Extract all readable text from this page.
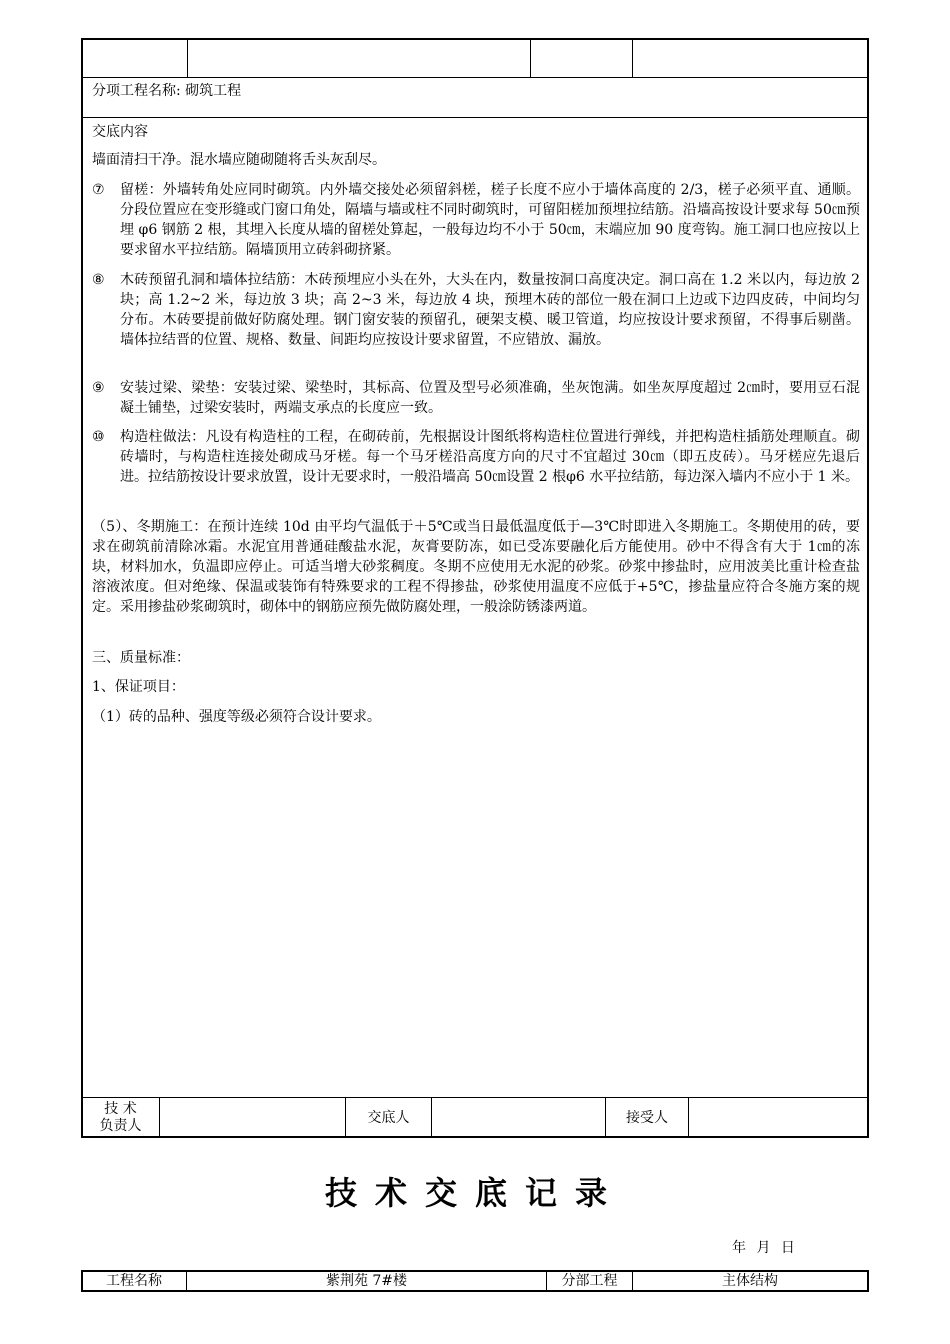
分项工程名称: 砌筑工程
交底内容
墙面清扫干净。混水墙应随砌随将舌头灰刮尽。
⑦ 留槎：外墙转角处应同时砌筑。内外墙交接处必须留斜槎，槎子长度不应小于墙体高度的 2/3，槎子必须平直、通顺。分段位置应在变形缝或门窗口角处，隔墙与墙或柱不同时砌筑时，可留阳槎加预埋拉结筋。沿墙高按设计要求每 50㎝预埋 φ6 钢筋 2 根，其埋入长度从墙的留槎处算起，一般每边均不小于 50㎝，末端应加 90 度弯钩。施工洞口也应按以上要求留水平拉结筋。隔墙顶用立砖斜砌挤紧。
⑧ 木砖预留孔洞和墙体拉结筋：木砖预埋应小头在外，大头在内，数量按洞口高度决定。洞口高在 1.2 米以内，每边放 2 块；高 1.2~2 米，每边放 3 块；高 2~3 米，每边放 4 块，预埋木砖的部位一般在洞口上边或下边四皮砖，中间均匀分布。木砖要提前做好防腐处理。钢门窗安装的预留孔，硬架支模、暖卫管道，均应按设计要求预留，不得事后剔凿。墙体拉结晋的位置、规格、数量、间距均应按设计要求留置，不应错放、漏放。
⑨ 安装过梁、梁垫：安装过梁、梁垫时，其标高、位置及型号必须准确，坐灰饱满。如坐灰厚度超过 2㎝时，要用豆石混凝土铺垫，过梁安装时，两端支承点的长度应一致。
⑩ 构造柱做法：凡设有构造柱的工程，在砌砖前，先根据设计图纸将构造柱位置进行弹线，并把构造柱插筋处理顺直。砌砖墙时，与构造柱连接处砌成马牙槎。每一个马牙槎沿高度方向的尺寸不宜超过 30㎝（即五皮砖）。马牙槎应先退后进。拉结筋按设计要求放置，设计无要求时，一般沿墙高 50㎝设置 2 根φ6 水平拉结筋，每边深入墙内不应小于 1 米。
（5）、冬期施工：在预计连续 10d 由平均气温低于＋5℃或当日最低温度低于—3℃时即进入冬期施工。冬期使用的砖，要求在砌筑前清除冰霜。水泥宜用普通硅酸盐水泥，灰膏要防冻，如已受冻要融化后方能使用。砂中不得含有大于 1㎝的冻块，材料加水，负温即应停止。可适当增大砂浆稠度。冬期不应使用无水泥的砂浆。砂浆中掺盐时，应用波美比重计检查盐溶液浓度。但对绝缘、保温或装饰有特殊要求的工程不得掺盐，砂浆使用温度不应低于+5℃，掺盐量应符合冬施方案的规定。采用掺盐砂浆砌筑时，砌体中的钢筋应预先做防腐处理，一般涂防锈漆两道。
三、质量标准：
1、保证项目：
（1）砖的品种、强度等级必须符合设计要求。
技 术
负责人	交底人	接受人
技术交底记录
年 月 日
工程名称	紫荆苑 7#楼	分部工程	主体结构
